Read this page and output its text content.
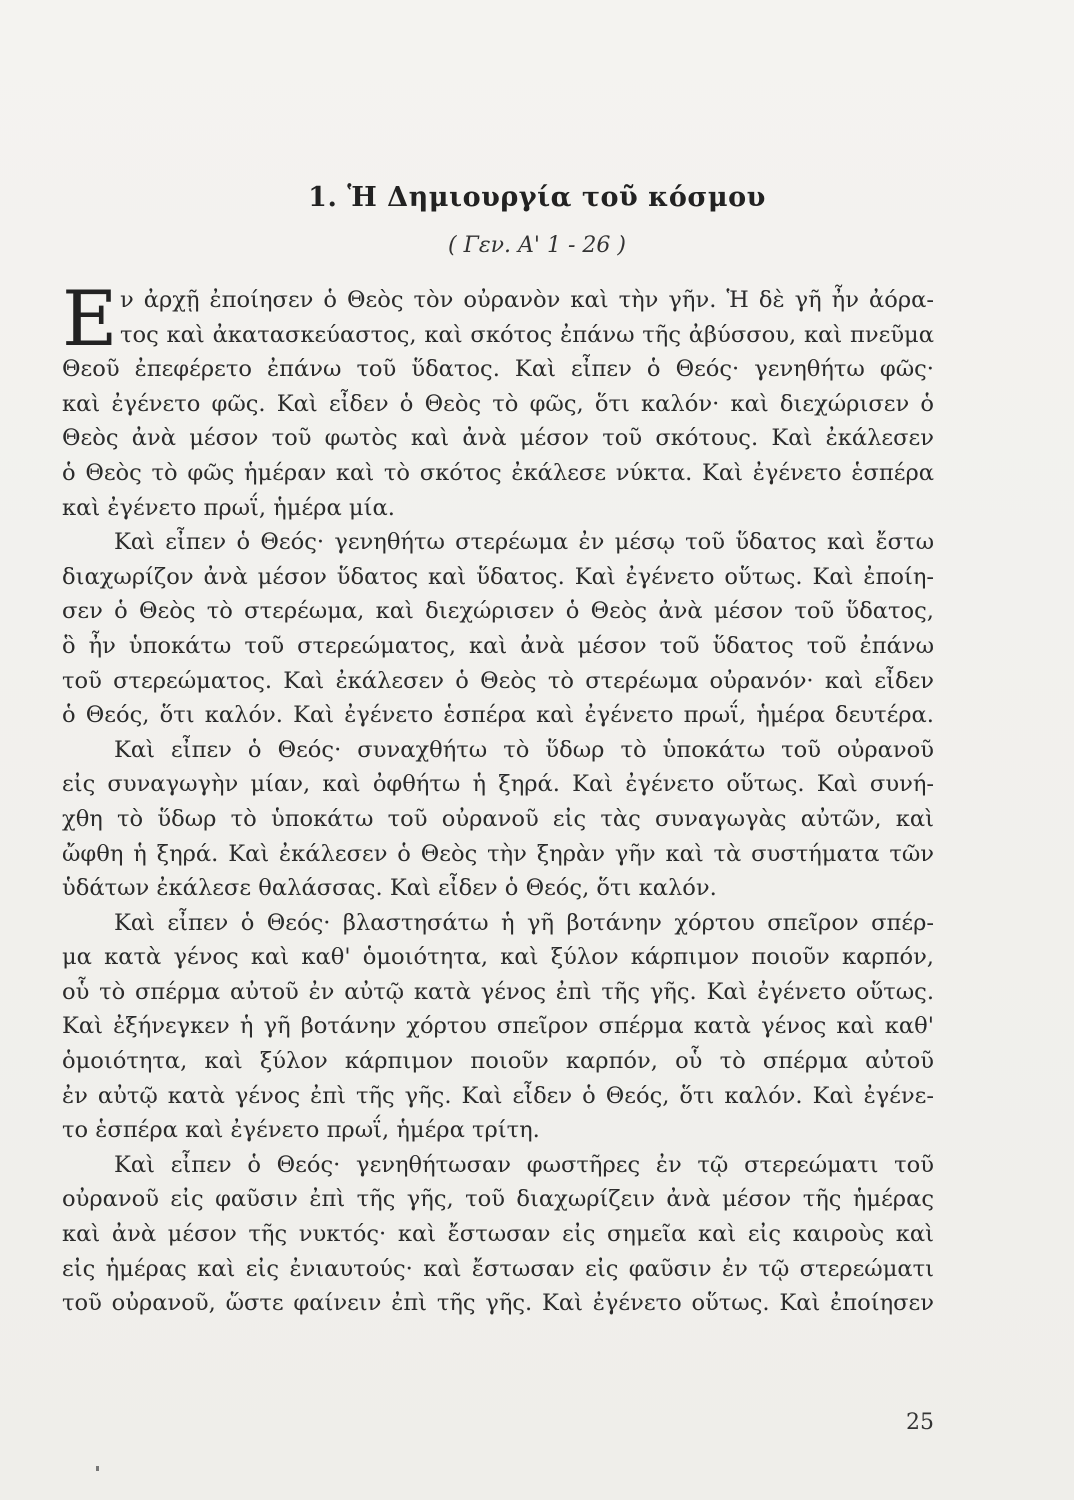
1. Ἡ Δημιουργία τοῦ κόσμου
( Γεν. Α' 1 - 26 )
Ε ν ἀρχῇ ἐποίησεν ὁ Θεὸς τὸν οὐρανὸν καὶ τὴν γῆν. Ἡ δὲ γῆ ἦν ἀόρα-
τος καὶ ἀκατασκεύαστος, καὶ σκότος ἐπάνω τῆς ἀβύσσου, καὶ πνεῦμα
Θεοῦ ἐπεφέρετο ἐπάνω τοῦ ὕδατος. Καὶ εἶπεν ὁ Θεός· γενηθήτω φῶς·
καὶ ἐγένετο φῶς. Καὶ εἶδεν ὁ Θεὸς τὸ φῶς, ὅτι καλόν· καὶ διεχώρισεν ὁ
Θεὸς ἀνὰ μέσον τοῦ φωτὸς καὶ ἀνὰ μέσον τοῦ σκότους. Καὶ ἐκάλεσεν
ὁ Θεὸς τὸ φῶς ἡμέραν καὶ τὸ σκότος ἐκάλεσε νύκτα. Καὶ ἐγένετο ἑσπέρα
καὶ ἐγένετο πρωΐ, ἡμέρα μία.
Καὶ εἶπεν ὁ Θεός· γενηθήτω στερέωμα ἐν μέσῳ τοῦ ὕδατος καὶ ἔστω
διαχωρίζον ἀνὰ μέσον ὕδατος καὶ ὕδατος. Καὶ ἐγένετο οὕτως. Καὶ ἐποίη-
σεν ὁ Θεὸς τὸ στερέωμα, καὶ διεχώρισεν ὁ Θεὸς ἀνὰ μέσον τοῦ ὕδατος,
ὃ ἦν ὑποκάτω τοῦ στερεώματος, καὶ ἀνὰ μέσον τοῦ ὕδατος τοῦ ἐπάνω
τοῦ στερεώματος. Καὶ ἐκάλεσεν ὁ Θεὸς τὸ στερέωμα οὐρανόν· καὶ εἶδεν
ὁ Θεός, ὅτι καλόν. Καὶ ἐγένετο ἑσπέρα καὶ ἐγένετο πρωΐ, ἡμέρα δευτέρα.
Καὶ εἶπεν ὁ Θεός· συναχθήτω τὸ ὕδωρ τὸ ὑποκάτω τοῦ οὐρανοῦ
εἰς συναγωγὴν μίαν, καὶ ὀφθήτω ἡ ξηρά. Καὶ ἐγένετο οὕτως. Καὶ συνή-
χθη τὸ ὕδωρ τὸ ὑποκάτω τοῦ οὐρανοῦ εἰς τὰς συναγωγὰς αὐτῶν, καὶ
ὤφθη ἡ ξηρά. Καὶ ἐκάλεσεν ὁ Θεὸς τὴν ξηρὰν γῆν καὶ τὰ συστήματα τῶν
ὑδάτων ἐκάλεσε θαλάσσας. Καὶ εἶδεν ὁ Θεός, ὅτι καλόν.
Καὶ εἶπεν ὁ Θεός· βλαστησάτω ἡ γῆ βοτάνην χόρτου σπεῖρον σπέρ-
μα κατὰ γένος καὶ καθ' ὁμοιότητα, καὶ ξύλον κάρπιμον ποιοῦν καρπόν,
οὗ τὸ σπέρμα αὐτοῦ ἐν αὐτῷ κατὰ γένος ἐπὶ τῆς γῆς. Καὶ ἐγένετο οὕτως.
Καὶ ἐξήνεγκεν ἡ γῆ βοτάνην χόρτου σπεῖρον σπέρμα κατὰ γένος καὶ καθ'
ὁμοιότητα, καὶ ξύλον κάρπιμον ποιοῦν καρπόν, οὗ τὸ σπέρμα αὐτοῦ
ἐν αὐτῷ κατὰ γένος ἐπὶ τῆς γῆς. Καὶ εἶδεν ὁ Θεός, ὅτι καλόν. Καὶ ἐγένε-
το ἑσπέρα καὶ ἐγένετο πρωΐ, ἡμέρα τρίτη.
Καὶ εἶπεν ὁ Θεός· γενηθήτωσαν φωστῆρες ἐν τῷ στερεώματι τοῦ
οὐρανοῦ εἰς φαῦσιν ἐπὶ τῆς γῆς, τοῦ διαχωρίζειν ἀνὰ μέσον τῆς ἡμέρας
καὶ ἀνὰ μέσον τῆς νυκτός· καὶ ἔστωσαν εἰς σημεῖα καὶ εἰς καιροὺς καὶ
εἰς ἡμέρας καὶ εἰς ἐνιαυτούς· καὶ ἔστωσαν εἰς φαῦσιν ἐν τῷ στερεώματι
τοῦ οὐρανοῦ, ὥστε φαίνειν ἐπὶ τῆς γῆς. Καὶ ἐγένετο οὕτως. Καὶ ἐποίησεν
25
